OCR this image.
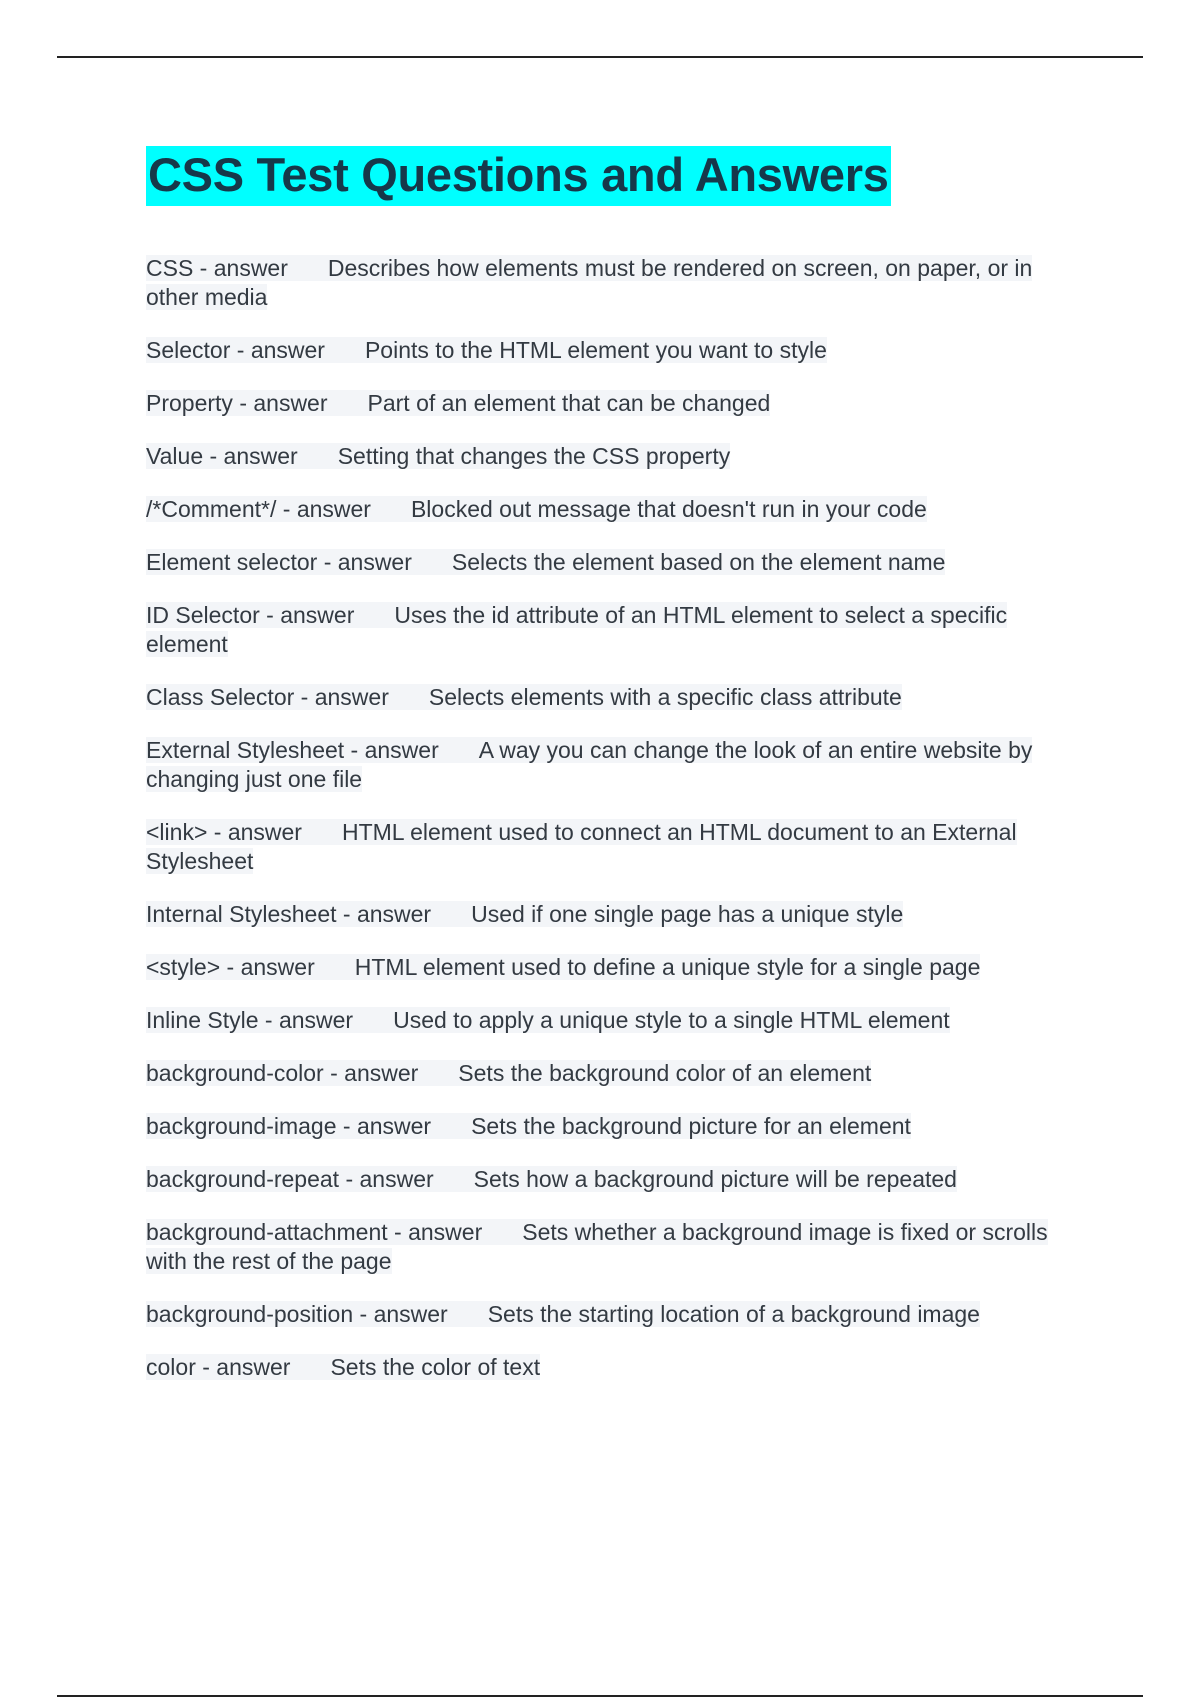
CSS Test Questions and Answers
CSS - answer Describes how elements must be rendered on screen, on paper, or in other media
Selector - answer Points to the HTML element you want to style
Property - answer Part of an element that can be changed
Value - answer Setting that changes the CSS property
/*Comment*/ - answer Blocked out message that doesn't run in your code
Element selector - answer Selects the element based on the element name
ID Selector - answer Uses the id attribute of an HTML element to select a specific element
Class Selector - answer Selects elements with a specific class attribute
External Stylesheet - answer A way you can change the look of an entire website by changing just one file
<link> - answer HTML element used to connect an HTML document to an External Stylesheet
Internal Stylesheet - answer Used if one single page has a unique style
<style> - answer HTML element used to define a unique style for a single page
Inline Style - answer Used to apply a unique style to a single HTML element
background-color - answer Sets the background color of an element
background-image - answer Sets the background picture for an element
background-repeat - answer Sets how a background picture will be repeated
background-attachment - answer Sets whether a background image is fixed or scrolls with the rest of the page
background-position - answer Sets the starting location of a background image
color - answer Sets the color of text
